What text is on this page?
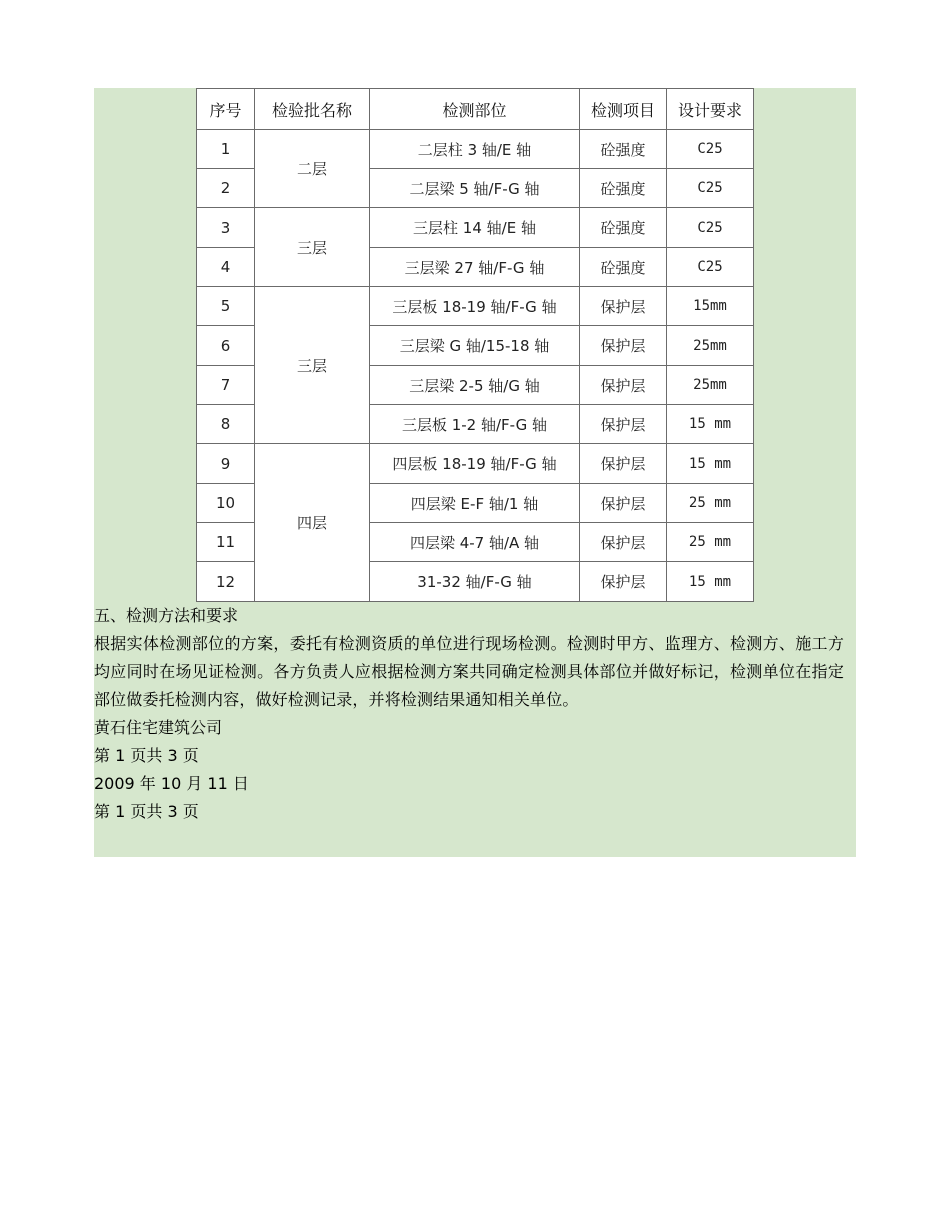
序号	检验批名称	检测部位	检测项目	设计要求
1	二层	二层柱 3 轴/E 轴	砼强度	C25
2		二层梁 5 轴/F-G 轴	砼强度	C25
3	三层	三层柱 14 轴/E 轴	砼强度	C25
4		三层梁 27 轴/F-G 轴	砼强度	C25
5	三层	三层板 18-19 轴/F-G 轴	保护层	15mm
6		三层梁 G 轴/15-18 轴	保护层	25mm
7		三层梁 2-5 轴/G 轴	保护层	25mm
8		三层板 1-2 轴/F-G 轴	保护层	15 mm
9	四层	四层板 18-19 轴/F-G 轴	保护层	15 mm
10		四层梁 E-F 轴/1 轴	保护层	25 mm
11		四层梁 4-7 轴/A 轴	保护层	25 mm
12		31-32 轴/F-G 轴	保护层	15 mm

五、检测方法和要求

根据实体检测部位的方案，委托有检测资质的单位进行现场检测。检测时甲方、监理方、检测方、施工方均应同时在场见证检测。各方负责人应根据检测方案共同确定检测具体部位并做好标记，检测单位在指定部位做委托检测内容，做好检测记录，并将检测结果通知相关单位。

黄石住宅建筑公司

第 1 页共 3 页

2009 年 10 月 11 日

第 1 页共 3 页
